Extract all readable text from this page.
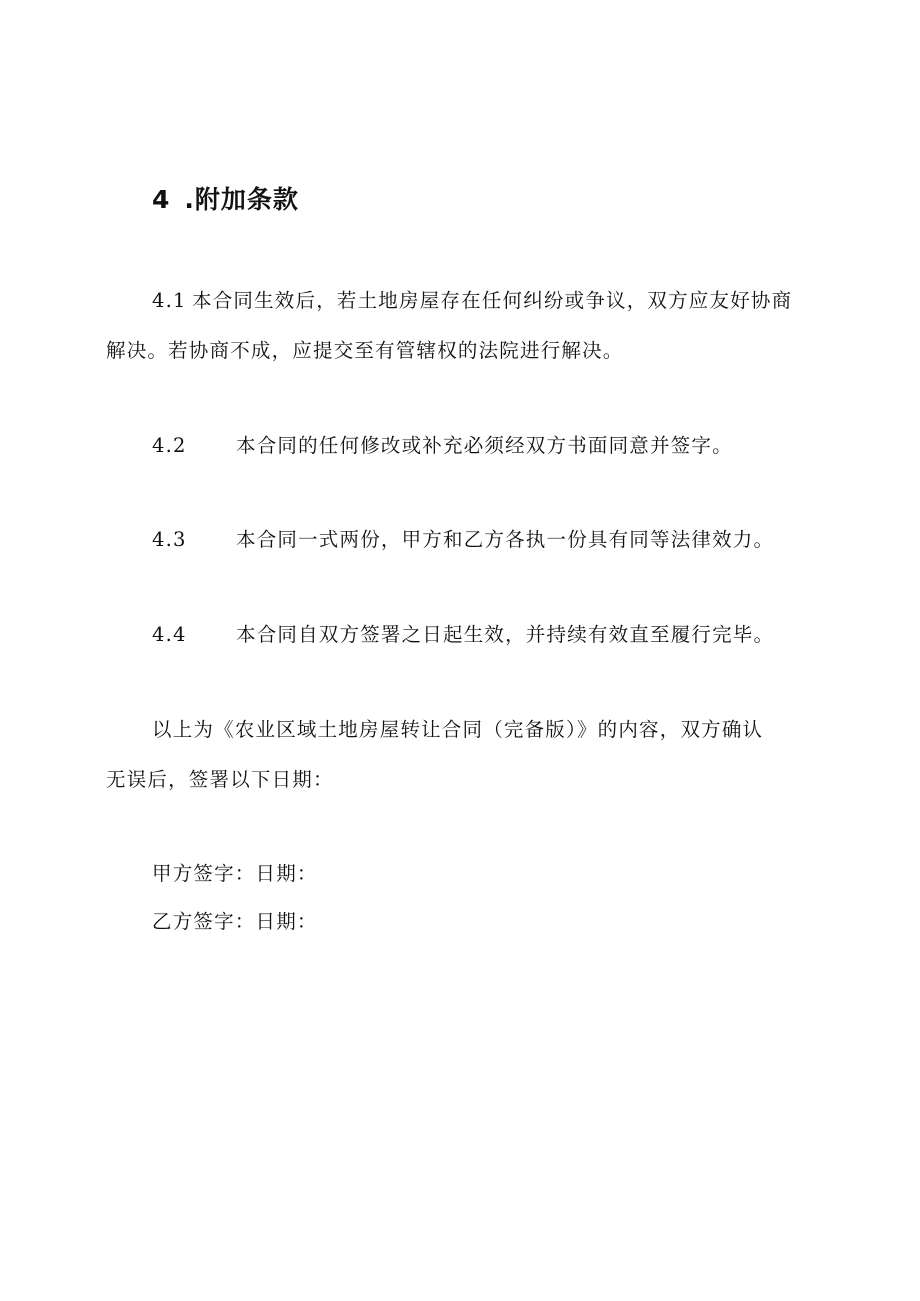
4 .附加条款
4.1 本合同生效后，若土地房屋存在任何纠纷或争议，双方应友好协商
解决。若协商不成，应提交至有管辖权的法院进行解决。
4.2	本合同的任何修改或补充必须经双方书面同意并签字。
4.3	本合同一式两份，甲方和乙方各执一份具有同等法律效力。
4.4	本合同自双方签署之日起生效，并持续有效直至履行完毕。
以上为《农业区域土地房屋转让合同（完备版）》的内容，双方确认
无误后，签署以下日期：
甲方签字：日期：
乙方签字：日期：
